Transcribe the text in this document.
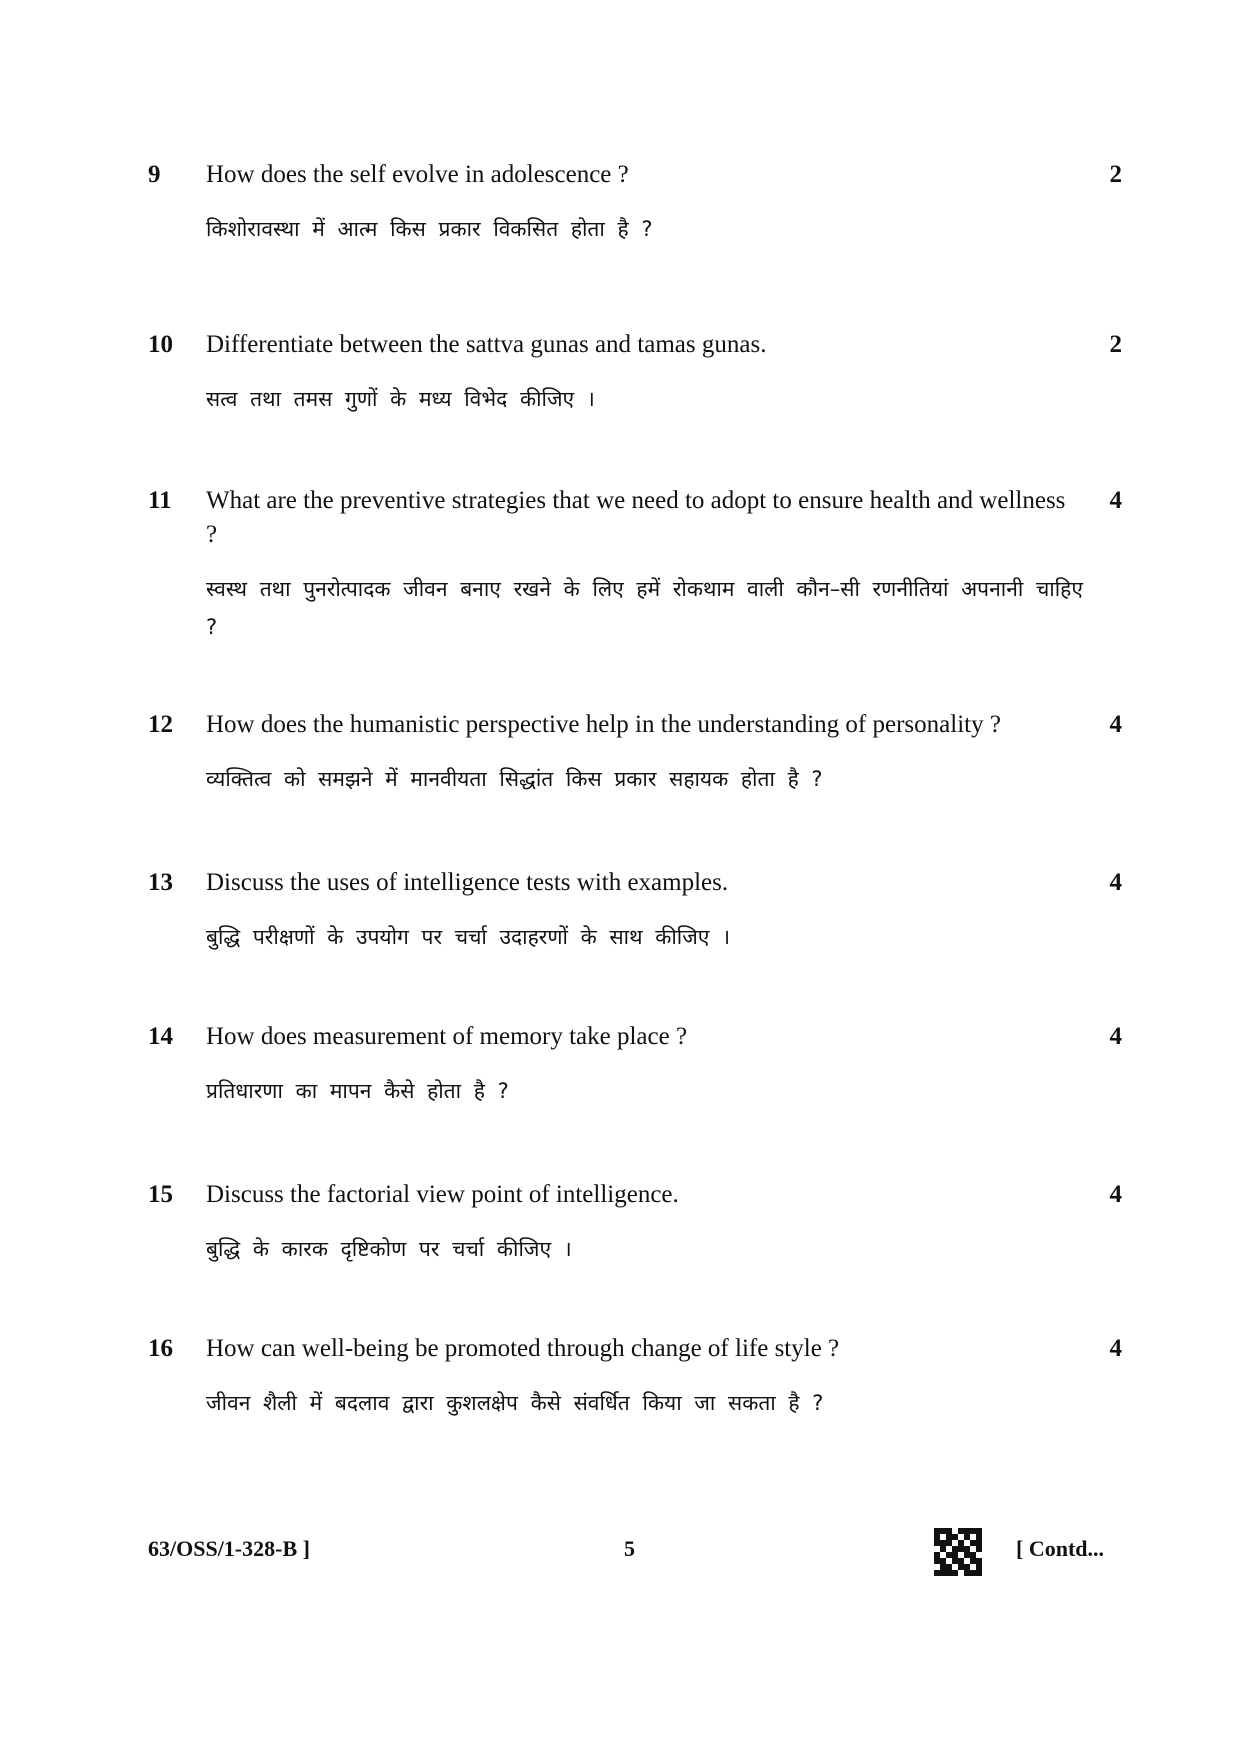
9 How does the self evolve in adolescence ?
किशोरावस्था में आत्म किस प्रकार विकसित होता है ?
2
10 Differentiate between the sattva gunas and tamas gunas.
सत्व तथा तमस गुणों के मध्य विभेद कीजिए ।
2
11 What are the preventive strategies that we need to adopt to ensure health and wellness ?
स्वस्थ तथा पुनरोत्पादक जीवन बनाए रखने के लिए हमें रोकथाम वाली कौन–सी रणनीतियां अपनानी चाहिए ?
4
12 How does the humanistic perspective help in the understanding of personality ?
व्यक्तित्व को समझने में मानवीयता सिद्धांत किस प्रकार सहायक होता है ?
4
13 Discuss the uses of intelligence tests with examples.
बुद्धि परीक्षणों के उपयोग पर चर्चा उदाहरणों के साथ कीजिए ।
4
14 How does measurement of memory take place ?
प्रतिधारणा का मापन कैसे होता है ?
4
15 Discuss the factorial view point of intelligence.
बुद्धि के कारक दृष्टिकोण पर चर्चा कीजिए ।
4
16 How can well-being be promoted through change of life style ?
जीवन शैली में बदलाव द्वारा कुशलक्षेप कैसे संवर्धित किया जा सकता है ?
4
63/OSS/1-328-B ]	5	[ Contd...
